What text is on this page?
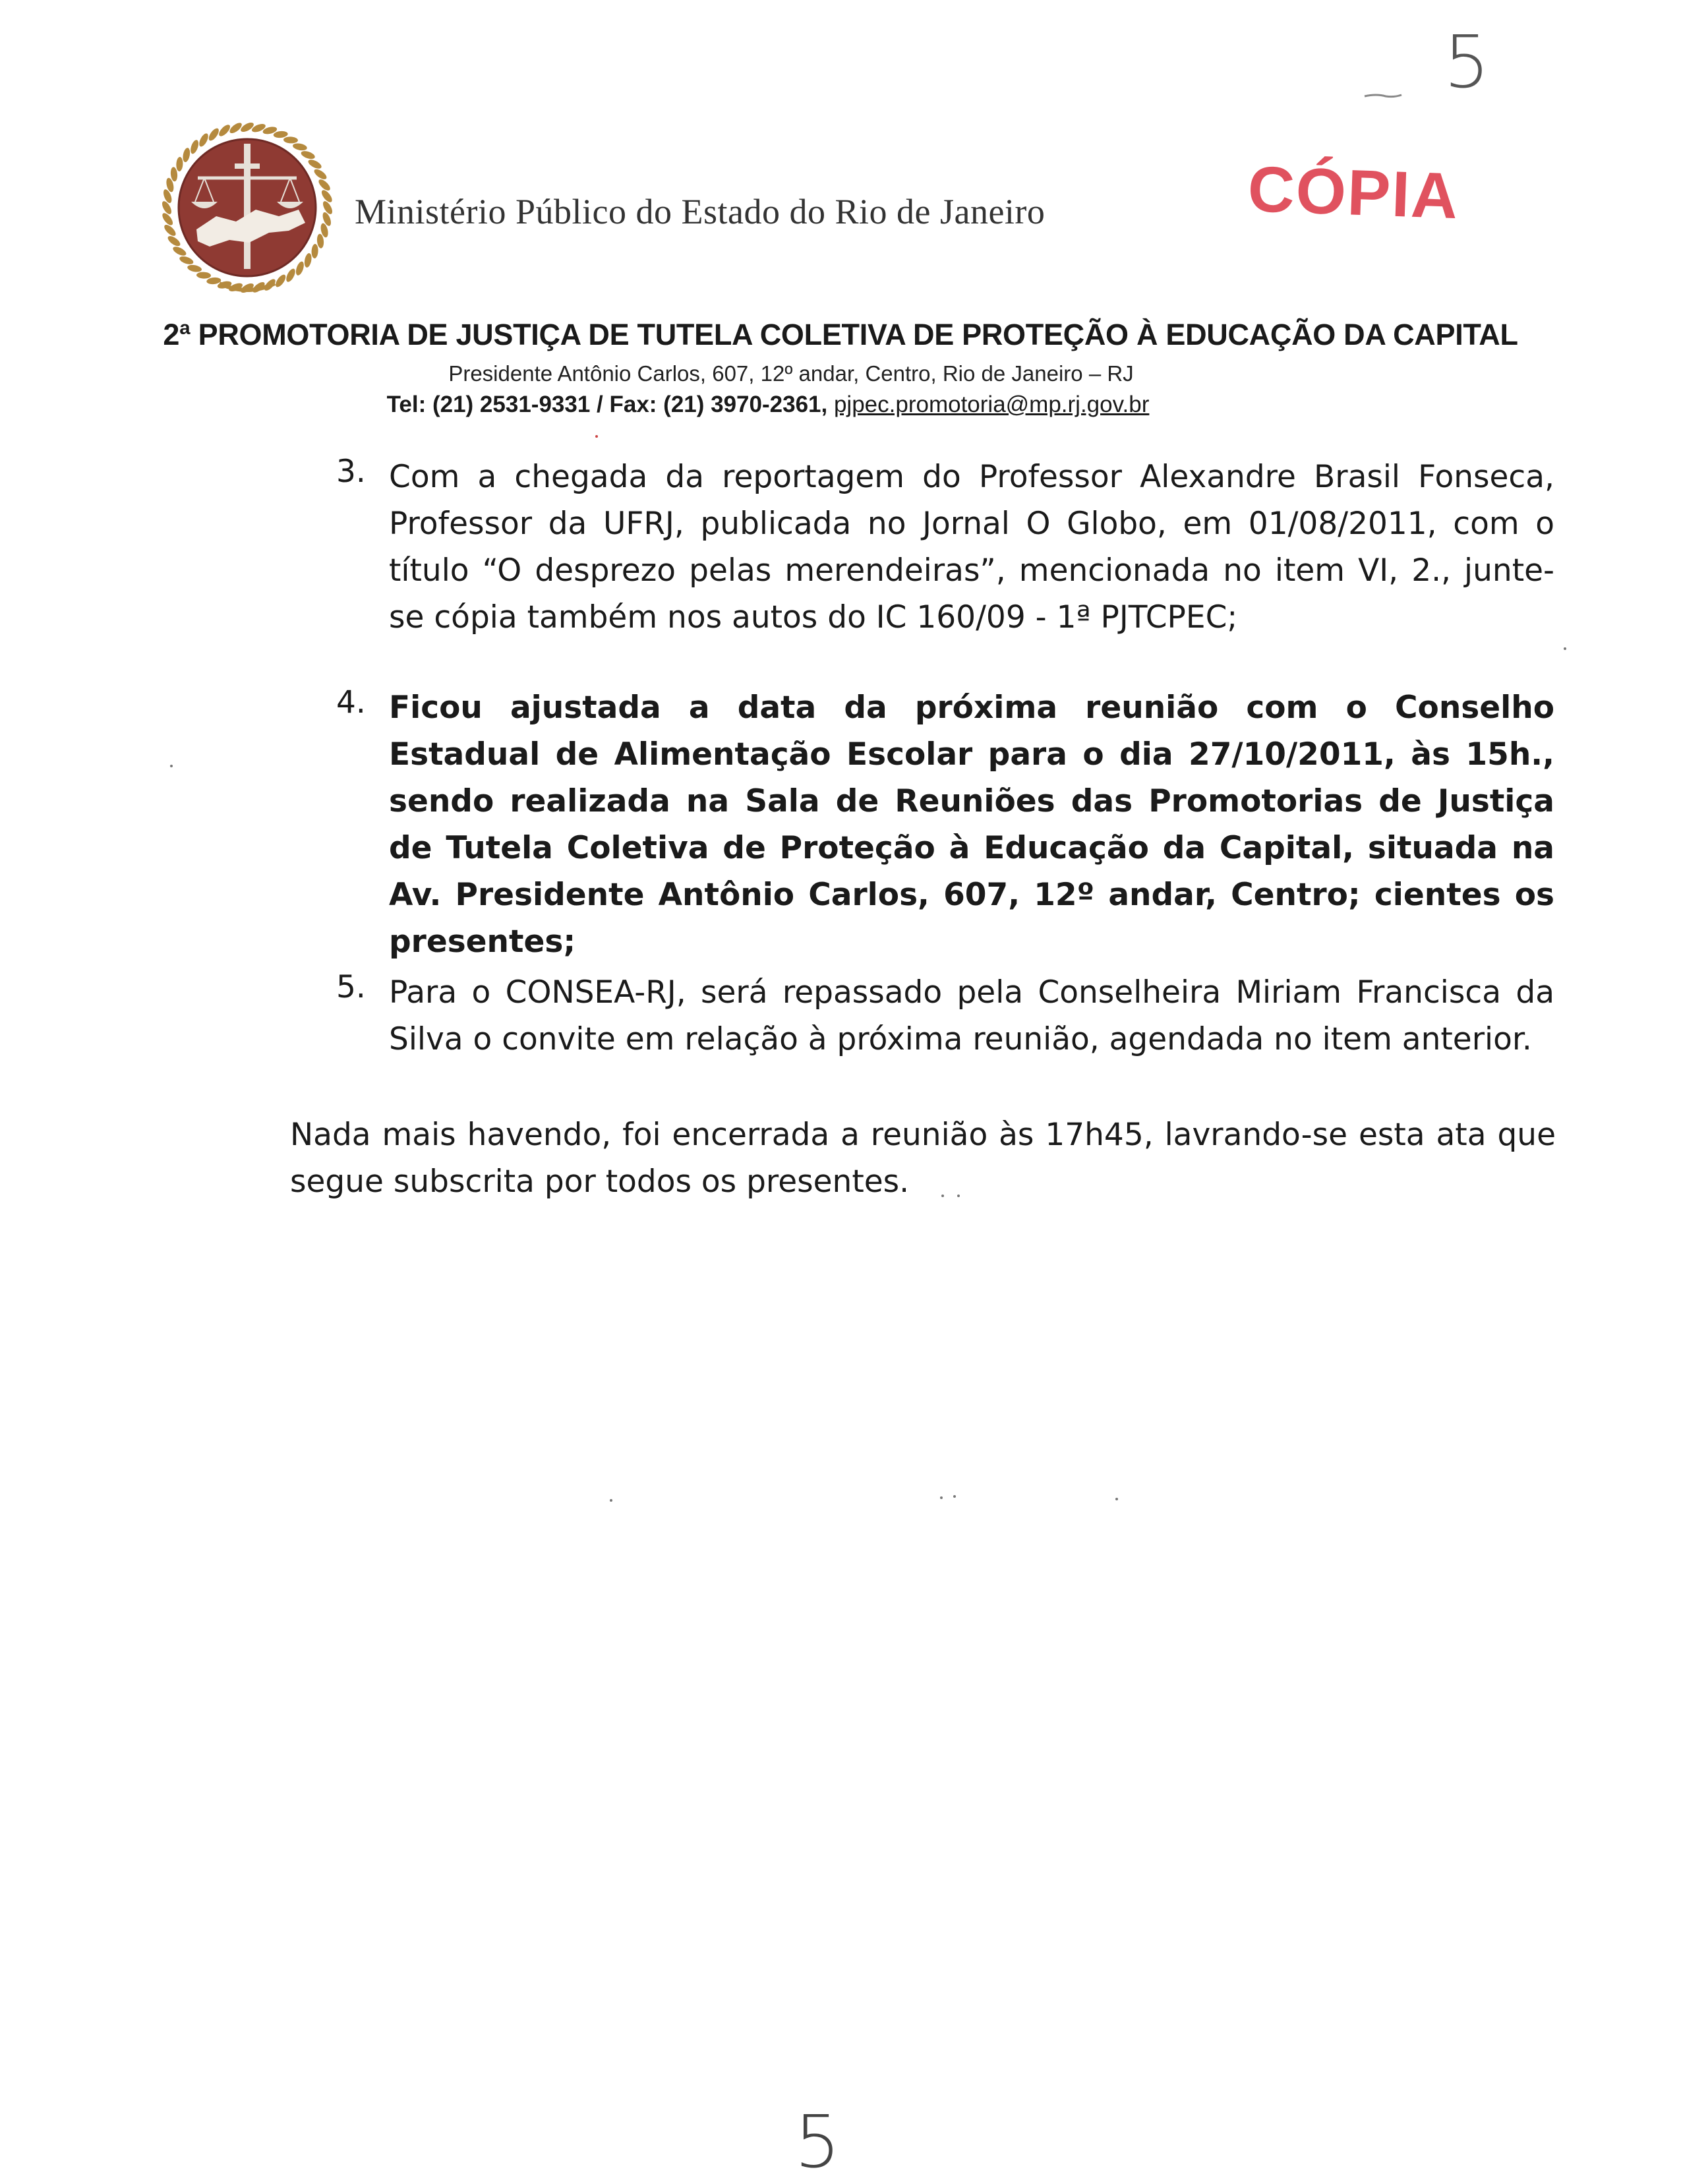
Ministério Público do Estado do Rio de Janeiro	CÓPIA
5
2ª PROMOTORIA DE JUSTIÇA DE TUTELA COLETIVA DE PROTEÇÃO À EDUCAÇÃO DA CAPITAL
Presidente Antônio Carlos, 607, 12º andar, Centro, Rio de Janeiro – RJ
Tel: (21) 2531-9331 / Fax: (21) 3970-2361, pjpec.promotoria@mp.rj.gov.br
3. Com a chegada da reportagem do Professor Alexandre Brasil Fonseca, Professor da UFRJ, publicada no Jornal O Globo, em 01/08/2011, com o título “O desprezo pelas merendeiras”, mencionada no item VI, 2., junte-se cópia também nos autos do IC 160/09 - 1ª PJTCPEC;
4. Ficou ajustada a data da próxima reunião com o Conselho Estadual de Alimentação Escolar para o dia 27/10/2011, às 15h., sendo realizada na Sala de Reuniões das Promotorias de Justiça de Tutela Coletiva de Proteção à Educação da Capital, situada na Av. Presidente Antônio Carlos, 607, 12º andar, Centro; cientes os presentes;
5. Para o CONSEA-RJ, será repassado pela Conselheira Miriam Francisca da Silva o convite em relação à próxima reunião, agendada no item anterior.
Nada mais havendo, foi encerrada a reunião às 17h45, lavrando-se esta ata que segue subscrita por todos os presentes.
5
